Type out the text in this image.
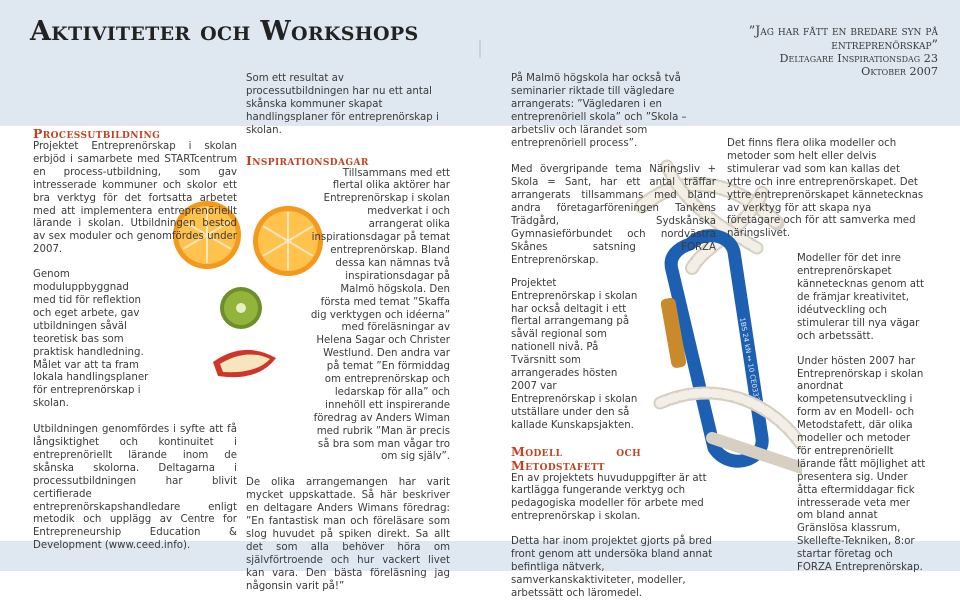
Aktiviteter och Workshops	”Jag har fått en bredare syn på entreprenörskap”

Deltagare Inspirationsdag 23
Oktober 2007

1BS 24 kN ↔ 10 CE0333
Processutbildning

Projektet Entreprenörskap i skolan erbjöd i samarbete med STARTcentrum en process-utbildning, som gav intresserade kommuner och skolor ett bra verktyg för det fortsatta arbetet med att implementera entreprenöriellt lärande i skolan. Utbildningen bestod av sex moduler och genomfördes under 2007.

Genom moduluppbyggnad med tid för reflektion och eget arbete, gav utbildningen såväl teoretisk bas som praktisk handledning. Målet var att ta fram lokala handlingsplaner för entreprenörskap i skolan.

Utbildningen genomfördes i syfte att få långsiktighet och kontinuitet i entreprenöriellt lärande inom de skånska skolorna. Deltagarna i processutbildningen har blivit certifierade entreprenörskapshandledare enligt metodik och upplägg av Centre for Entrepreneurship Education & Development (www.ceed.info).

Som ett resultat av processutbildningen har nu ett antal skånska kommuner skapat handlingsplaner för entreprenörskap i skolan.

Inspirationsdagar

Tillsammans med ett flertal olika aktörer har Entreprenörskap i skolan medverkat i och arrangerat olika inspirationsdagar på temat entreprenörskap. Bland dessa kan nämnas två inspirationsdagar på Malmö högskola. Den första med temat ”Skaffa dig verktygen och idéerna” med föreläsningar av Helena Sagar och Christer Westlund. Den andra var på temat ”En förmiddag om entreprenörskap och ledarskap för alla” och innehöll ett inspirerande föredrag av Anders Wiman med rubrik ”Man är precis så bra som man vågar tro om sig själv”.

De olika arrangemangen har varit mycket uppskattade. Så här beskriver en deltagare Anders Wimans föredrag: ”En fantastisk man och föreläsare som slog huvudet på spiken direkt. Sa allt det som alla behöver höra om självförtroende och hur vackert livet kan vara. Den bästa föreläsning jag någonsin varit på!”

På Malmö högskola har också två seminarier riktade till vägledare arrangerats: ”Vägledaren i en entreprenöriell skola” och ”Skola – arbetsliv och lärandet som entreprenöriell process”.

Med övergripande tema Näringsliv + Skola = Sant, har ett antal träffar arrangerats tillsammans med bland andra företagarföreningen Tankens Trädgård, Sydskånska Gymnasieförbundet och nordvästra Skånes satsning FORZA Entreprenörskap.

Projektet Entreprenörskap i skolan har också deltagit i ett flertal arrangemang på såväl regional som nationell nivå. På Tvärsnitt som arrangerades hösten 2007 var Entreprenörskap i skolan utställare under den så kallade Kunskapsjakten.

Modell och Metodstafett

En av projektets huvuduppgifter är att kartlägga fungerande verktyg och pedagogiska modeller för arbete med entreprenörskap i skolan.

Detta har inom projektet gjorts på bred front genom att undersöka bland annat befintliga nätverk, samverkanskaktiviteter, modeller, arbetssätt och läromedel.

Det finns flera olika modeller och metoder som helt eller delvis stimulerar vad som kan kallas det yttre och inre entreprenörskapet. Det yttre entreprenörskapet kännetecknas av verktyg för att skapa nya företagare och för att samverka med näringslivet.

Modeller för det inre entreprenörskapet kännetecknas genom att de främjar kreativitet, idéutveckling och stimulerar till nya vägar och arbetssätt.

Under hösten 2007 har Entreprenörskap i skolan anordnat kompetensutveckling i form av en Modell- och Metodstafett, där olika modeller och metoder för entreprenöriellt lärande fått möjlighet att presentera sig. Under åtta eftermiddagar fick intresserade veta mer om bland annat Gränslösa klassrum, Skellefte-Tekniken, 8:or startar företag och FORZA Entreprenörskap.
